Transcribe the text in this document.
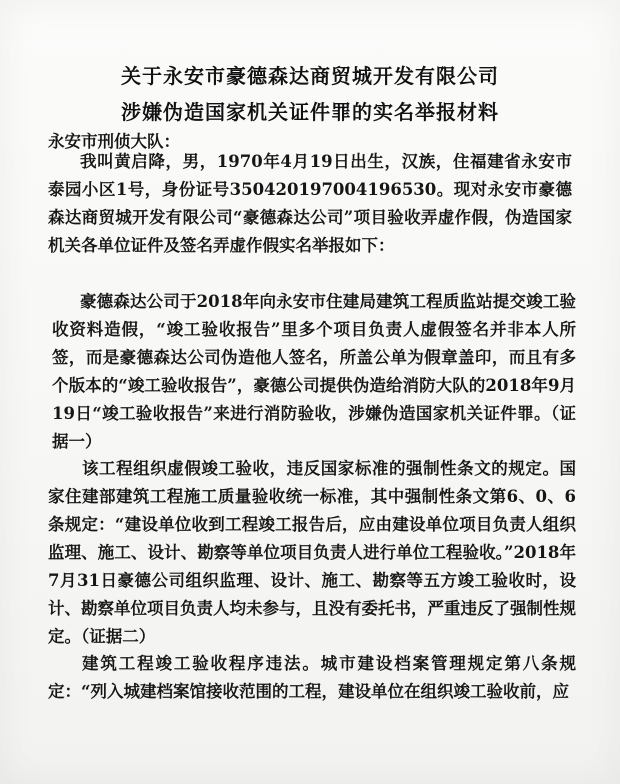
关于永安市豪德森达商贸城开发有限公司
涉嫌伪造国家机关证件罪的实名举报材料
永安市刑侦大队：

我叫黄启降，男，1970年4月19日出生，汉族，住福建省永安市泰园小区1号，身份证号350420197004196530。现对永安市豪德森达商贸城开发有限公司“豪德森达公司”项目验收弄虚作假，伪造国家机关各单位证件及签名弄虚作假实名举报如下：

豪德森达公司于2018年向永安市住建局建筑工程质监站提交竣工验收资料造假，“竣工验收报告”里多个项目负责人虚假签名并非本人所签，而是豪德森达公司伪造他人签名，所盖公单为假章盖印，而且有多个版本的“竣工验收报告”，豪德公司提供伪造给消防大队的2018年9月19日“竣工验收报告”来进行消防验收，涉嫌伪造国家机关证件罪。（证据一）

该工程组织虚假竣工验收，违反国家标准的强制性条文的规定。国家住建部建筑工程施工质量验收统一标准，其中强制性条文第6、0、6条规定：“建设单位收到工程竣工报告后，应由建设单位项目负责人组织监理、施工、设计、勘察等单位项目负责人进行单位工程验收。”2018年7月31日豪德公司组织监理、设计、施工、勘察等五方竣工验收时，设计、勘察单位项目负责人均未参与，且没有委托书，严重违反了强制性规定。（证据二）

建筑工程竣工验收程序违法。城市建设档案管理规定第八条规定：“列入城建档案馆接收范围的工程，建设单位在组织竣工验收前，应
